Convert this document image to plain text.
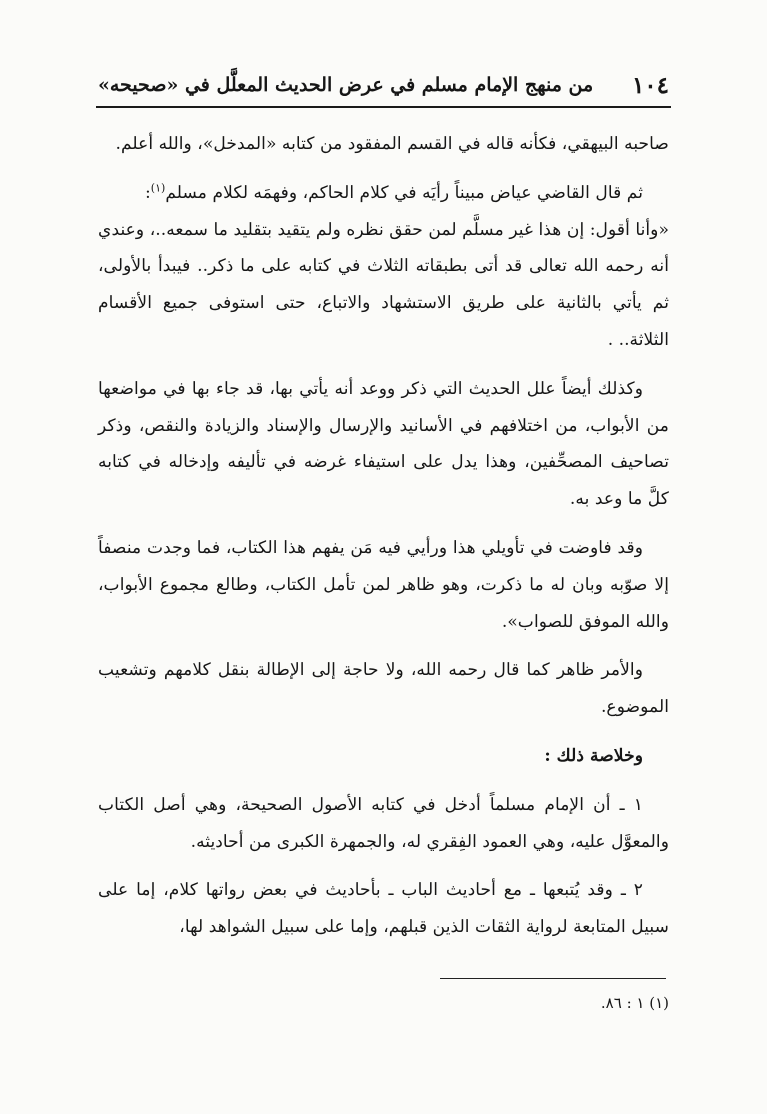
١٠٤
من منهج الإمام مسلم في عرض الحديث المعلَّل في «صحيحه»

صاحبه البيهقي، فكأنه قاله في القسم المفقود من كتابه «المدخل»، والله أعلم.

ثم قال القاضي عياض مبيناً رأيَه في كلام الحاكم، وفهمَه لكلام مسلم$^{(١)}$:

«وأنا أقول: إن هذا غير مسلَّم لمن حقق نظره ولم يتقيد بتقليد ما سمعه..، وعندي أنه رحمه الله تعالى قد أتى بطبقاته الثلاث في كتابه على ما ذكر.. فيبدأ بالأولى، ثم يأتي بالثانية على طريق الاستشهاد والاتباع، حتى استوفى جميع الأقسام الثلاثة.. .

وكذلك أيضاً علل الحديث التي ذكر ووعد أنه يأتي بها، قد جاء بها في مواضعها من الأبواب، من اختلافهم في الأسانيد والإرسال والإسناد والزيادة والنقص، وذكر تصاحيف المصحِّفين، وهذا يدل على استيفاء غرضه في تأليفه وإدخاله في كتابه كلَّ ما وعد به.

وقد فاوضت في تأويلي هذا ورأيي فيه مَن يفهم هذا الكتاب، فما وجدت منصفاً إلا صوّبه وبان له ما ذكرت، وهو ظاهر لمن تأمل الكتاب، وطالع مجموع الأبواب، والله الموفق للصواب».

والأمر ظاهر كما قال رحمه الله، ولا حاجة إلى الإطالة بنقل كلامهم وتشعيب الموضوع.

وخلاصة ذلك :

١ ـ أن الإمام مسلماً أدخل في كتابه الأصول الصحيحة، وهي أصل الكتاب والمعوَّل عليه، وهي العمود الفِقري له، والجمهرة الكبرى من أحاديثه.

٢ ـ وقد يُتبعها ـ مع أحاديث الباب ـ بأحاديث في بعض رواتها كلام، إما على سبيل المتابعة لرواية الثقات الذين قبلهم، وإما على سبيل الشواهد لها،

(١) ١ : ٨٦.
